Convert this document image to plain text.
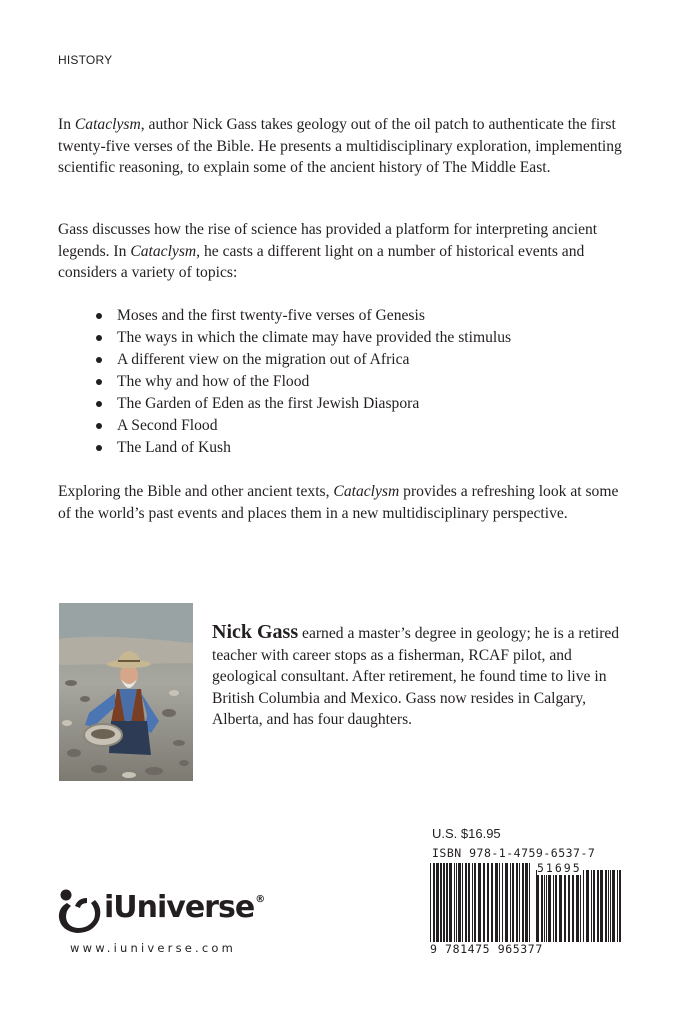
HISTORY

In Cataclysm, author Nick Gass takes geology out of the oil patch to authenticate the first twenty-five verses of the Bible. He presents a multidisciplinary exploration, implementing scientific reasoning, to explain some of the ancient history of The Middle East.

Gass discusses how the rise of science has provided a platform for interpreting ancient legends. In Cataclysm, he casts a different light on a number of historical events and considers a variety of topics:

Moses and the first twenty-five verses of Genesis
The ways in which the climate may have provided the stimulus
A different view on the migration out of Africa
The why and how of the Flood
The Garden of Eden as the first Jewish Diaspora
A Second Flood
The Land of Kush

Exploring the Bible and other ancient texts, Cataclysm provides a refreshing look at some of the world’s past events and places them in a new multidisciplinary perspective.

Nick Gass earned a master’s degree in geology; he is a retired teacher with career stops as a fisherman, RCAF pilot, and geological consultant. After retirement, he found time to live in British Columbia and Mexico. Gass now resides in Calgary, Alberta, and has four daughters.
iUniverse®
www.iuniverse.com
U.S. $16.95
ISBN 978-1-4759-6537-7
51695
9 781475 965377
